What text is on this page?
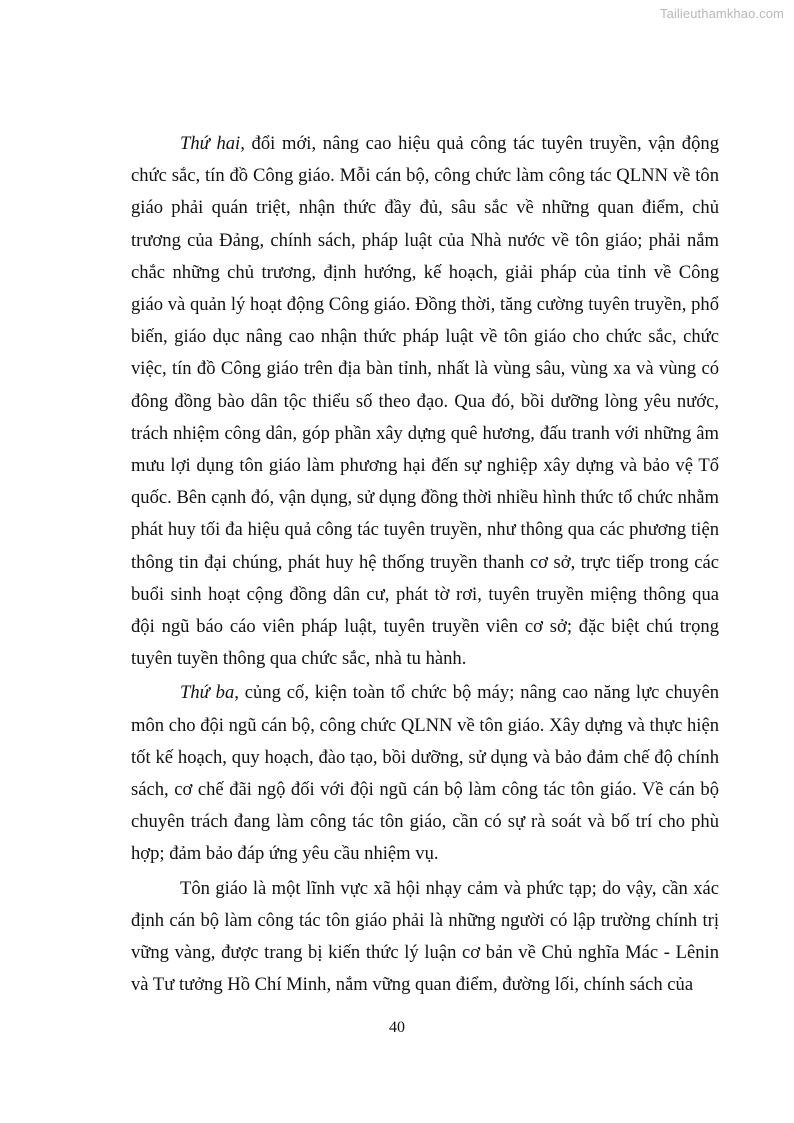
Tailieuthamkhao.com

Thứ hai, đổi mới, nâng cao hiệu quả công tác tuyên truyền, vận động chức sắc, tín đồ Công giáo. Mỗi cán bộ, công chức làm công tác QLNN về tôn giáo phải quán triệt, nhận thức đầy đủ, sâu sắc về những quan điểm, chủ trương của Đảng, chính sách, pháp luật của Nhà nước về tôn giáo; phải nắm chắc những chủ trương, định hướng, kế hoạch, giải pháp của tỉnh về Công giáo và quản lý hoạt động Công giáo. Đồng thời, tăng cường tuyên truyền, phổ biến, giáo dục nâng cao nhận thức pháp luật về tôn giáo cho chức sắc, chức việc, tín đồ Công giáo trên địa bàn tỉnh, nhất là vùng sâu, vùng xa và vùng có đông đồng bào dân tộc thiểu số theo đạo. Qua đó, bồi dưỡng lòng yêu nước, trách nhiệm công dân, góp phần xây dựng quê hương, đấu tranh với những âm mưu lợi dụng tôn giáo làm phương hại đến sự nghiệp xây dựng và bảo vệ Tổ quốc. Bên cạnh đó, vận dụng, sử dụng đồng thời nhiều hình thức tổ chức nhằm phát huy tối đa hiệu quả công tác tuyên truyền, như thông qua các phương tiện thông tin đại chúng, phát huy hệ thống truyền thanh cơ sở, trực tiếp trong các buổi sinh hoạt cộng đồng dân cư, phát tờ rơi, tuyên truyền miệng thông qua đội ngũ báo cáo viên pháp luật, tuyên truyền viên cơ sở; đặc biệt chú trọng tuyên tuyền thông qua chức sắc, nhà tu hành.

Thứ ba, củng cố, kiện toàn tổ chức bộ máy; nâng cao năng lực chuyên môn cho đội ngũ cán bộ, công chức QLNN về tôn giáo. Xây dựng và thực hiện tốt kế hoạch, quy hoạch, đào tạo, bồi dưỡng, sử dụng và bảo đảm chế độ chính sách, cơ chế đãi ngộ đối với đội ngũ cán bộ làm công tác tôn giáo. Về cán bộ chuyên trách đang làm công tác tôn giáo, cần có sự rà soát và bố trí cho phù hợp; đảm bảo đáp ứng yêu cầu nhiệm vụ.

Tôn giáo là một lĩnh vực xã hội nhạy cảm và phức tạp; do vậy, cần xác định cán bộ làm công tác tôn giáo phải là những người có lập trường chính trị vững vàng, được trang bị kiến thức lý luận cơ bản về Chủ nghĩa Mác - Lênin và Tư tưởng Hồ Chí Minh, nắm vững quan điểm, đường lối, chính sách của

40
